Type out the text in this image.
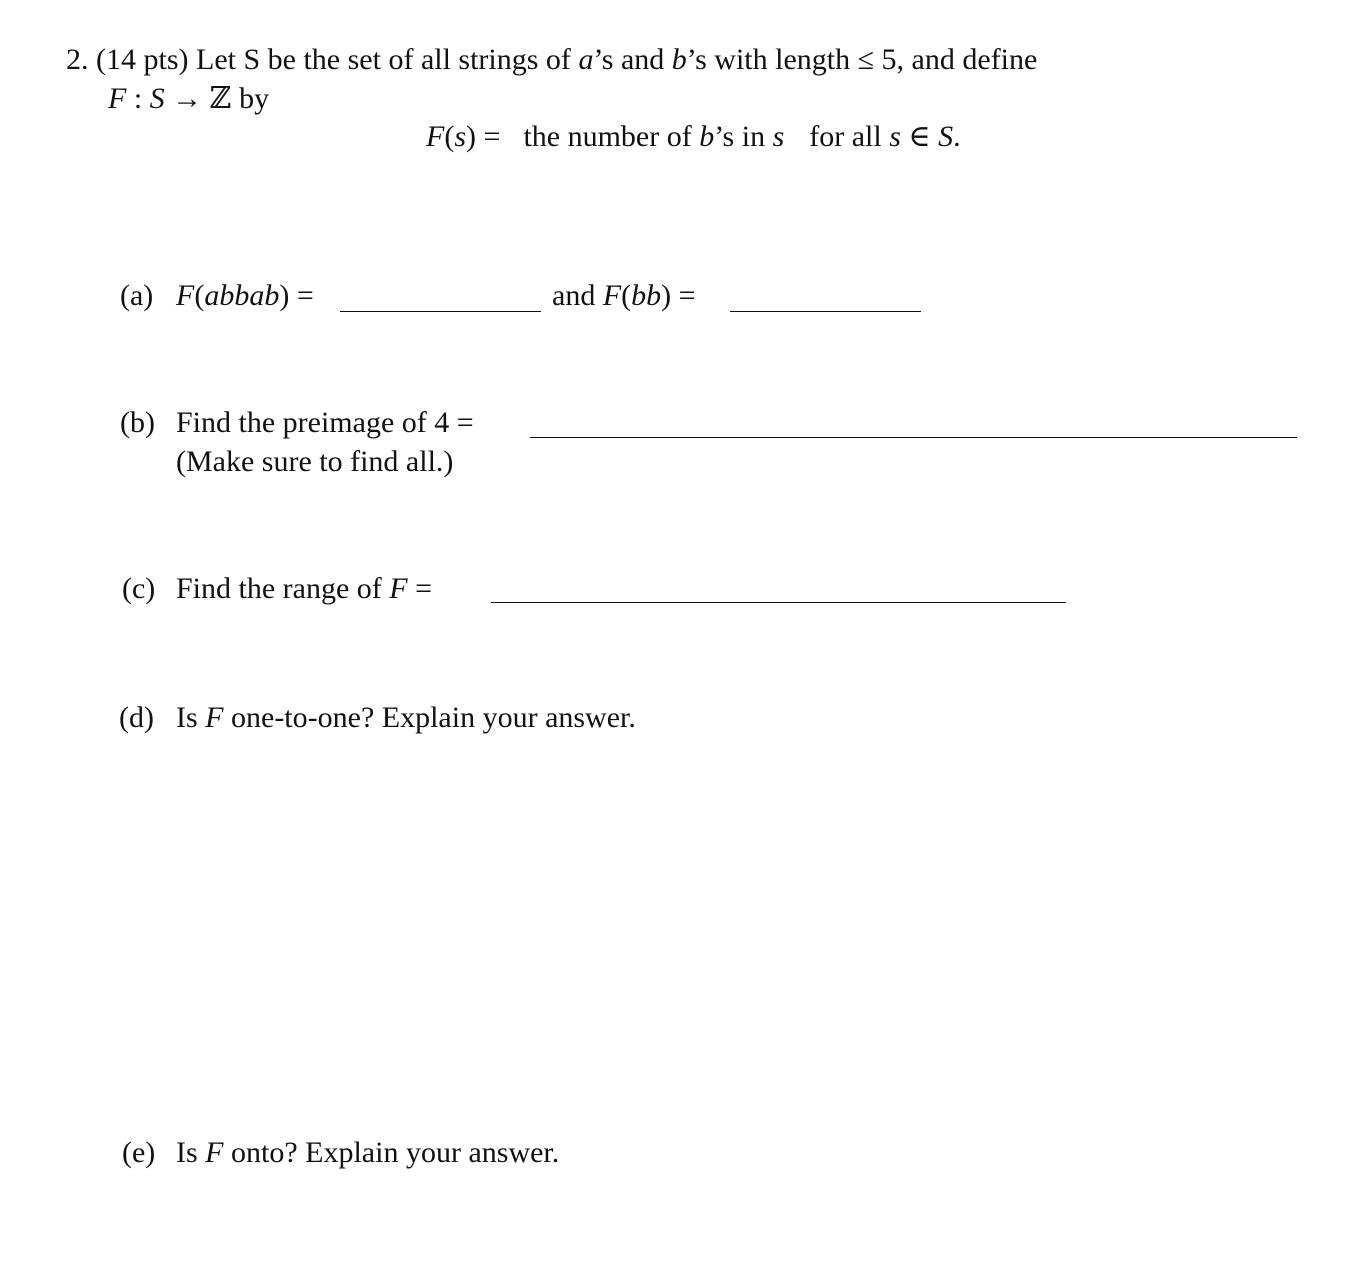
2. (14 pts) Let S be the set of all strings of a’s and b’s with length ≤ 5, and define
F : S → ℤ by
F(s) = the number of b’s in s for all s ∈ S.
(a) F(abbab) =	and F(bb) =
(b) Find the preimage of 4 =
(Make sure to find all.)
(c) Find the range of F =
(d) Is F one-to-one? Explain your answer.
(e) Is F onto? Explain your answer.
